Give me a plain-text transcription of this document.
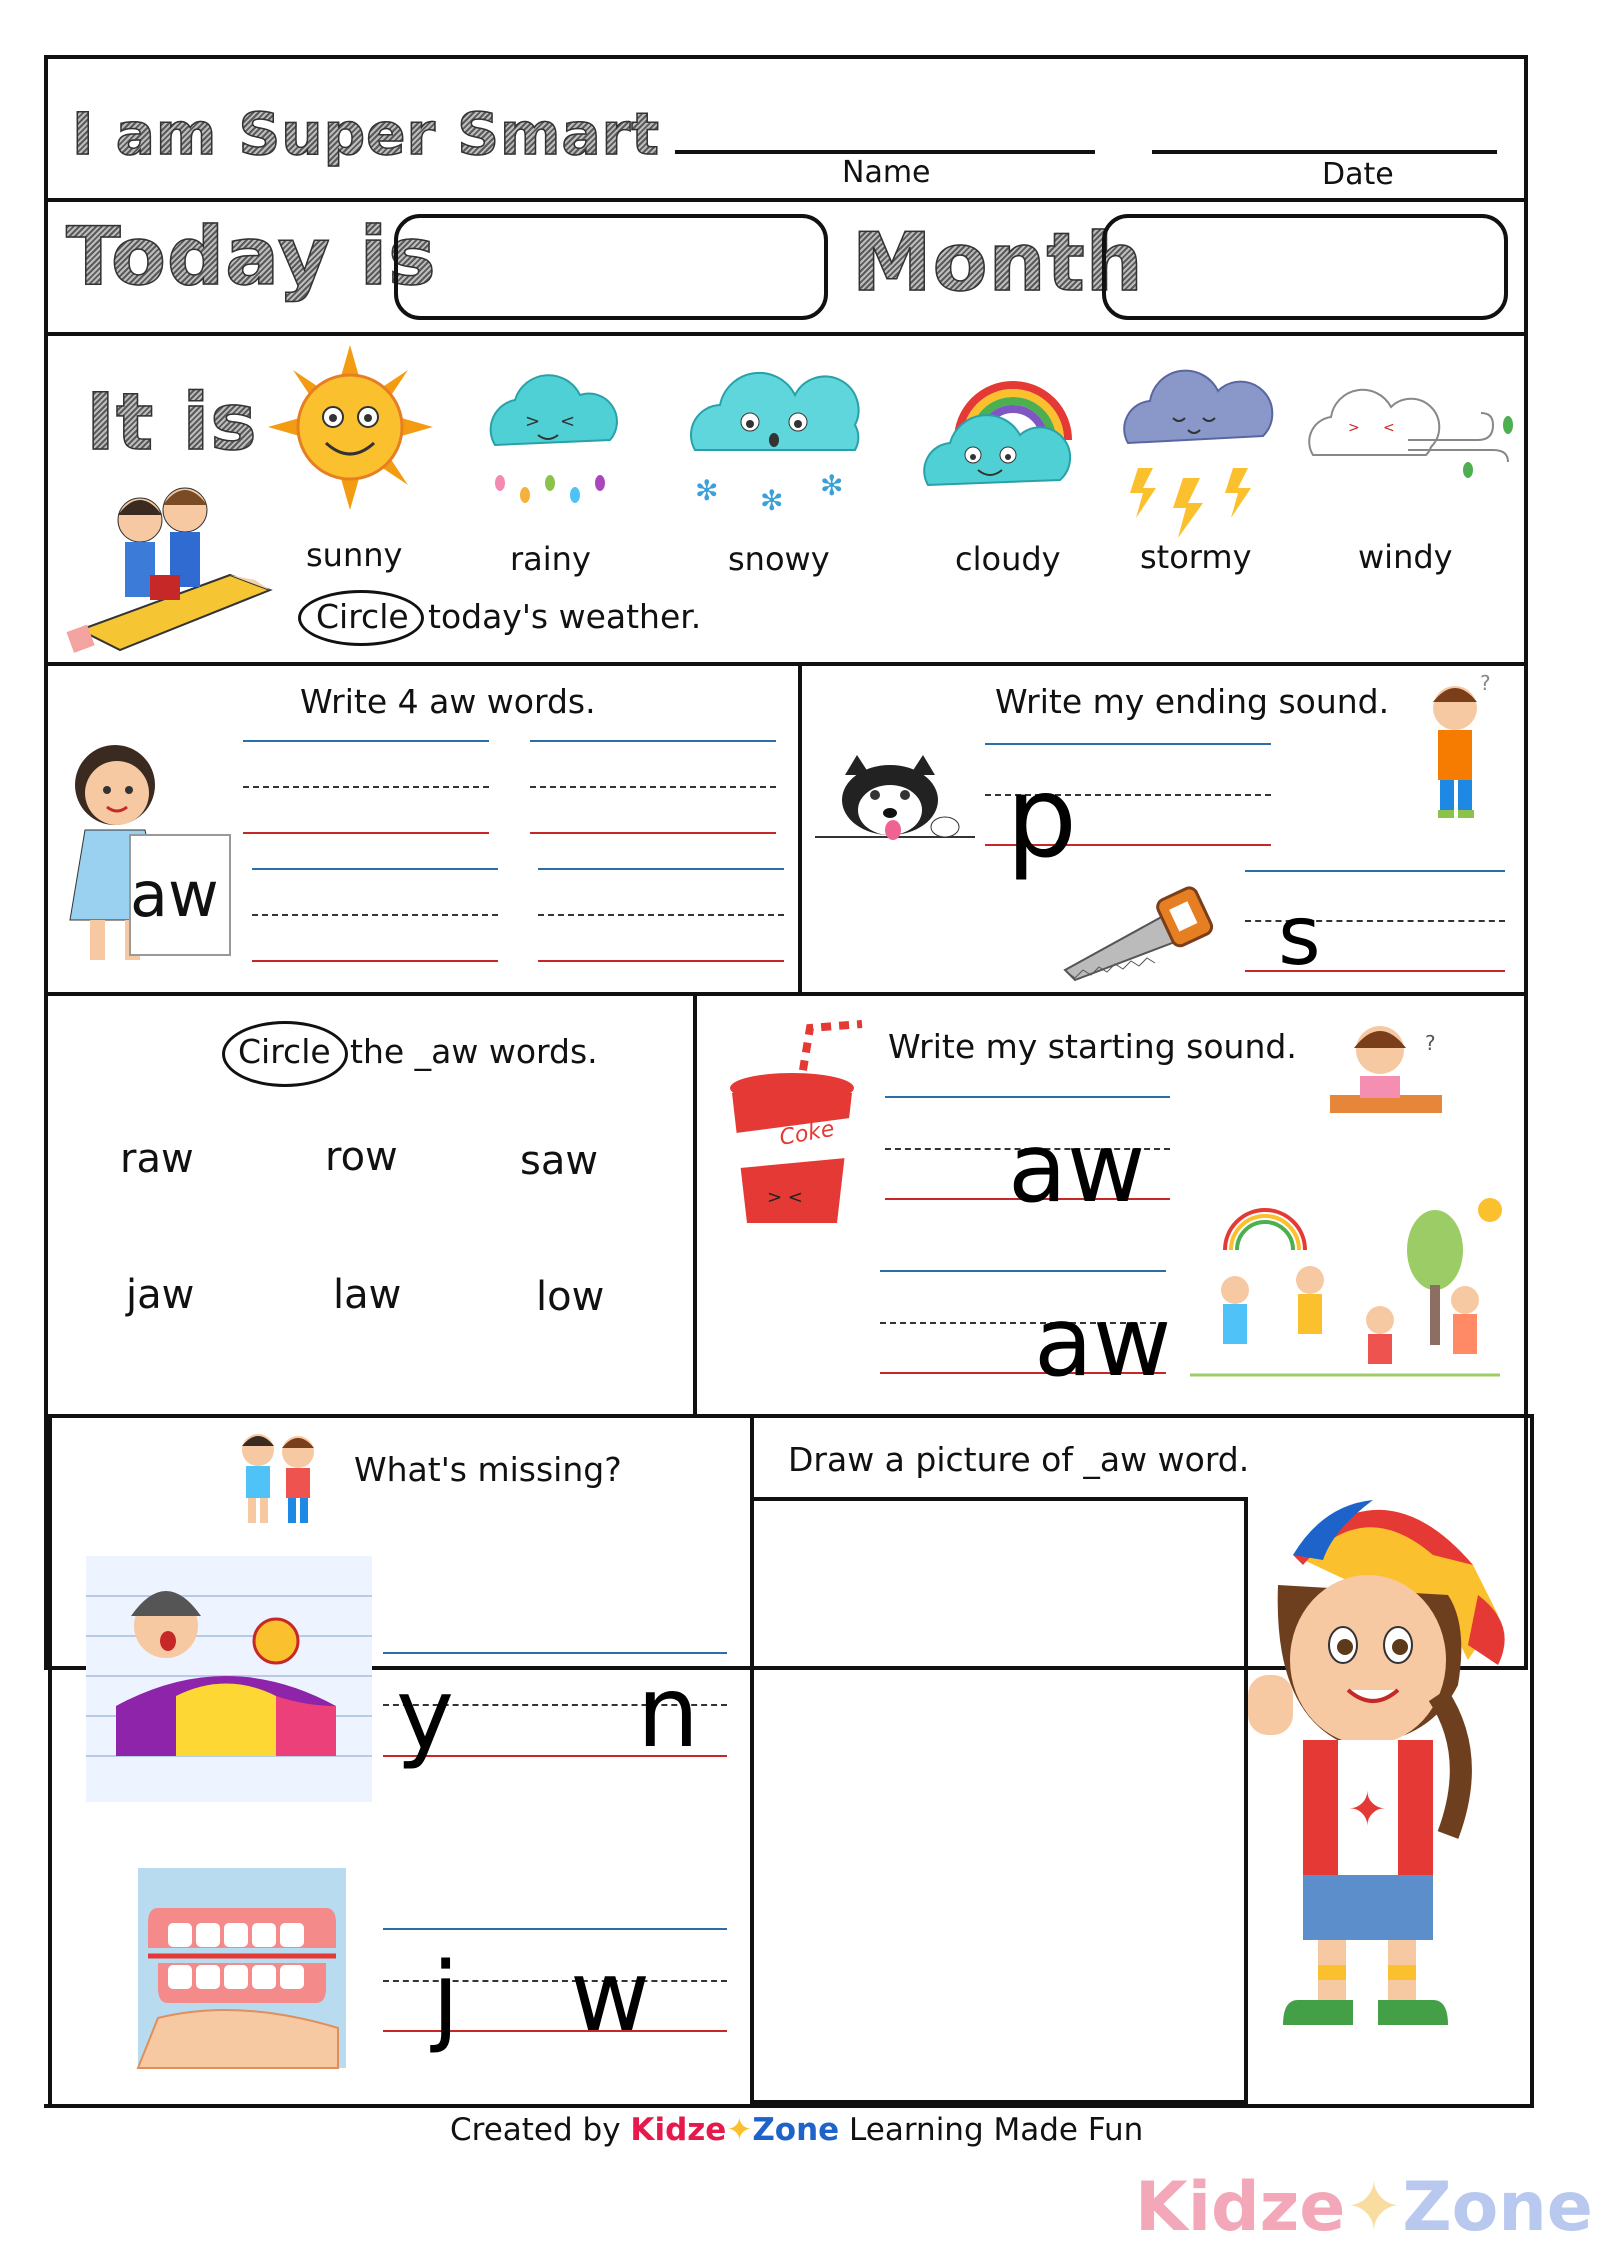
I am Super Smart
Name	Date
Today is	Month
It is	> <
✻ ✻ ✻
> <
sunny	rainy	snowy	cloudy stormy	windy
Circle today's weather.
Write 4 aw words.
aw
Write my ending sound.	?
p
s
Circle the _aw words.
raw	row	saw
jaw	law	low
Write my starting sound.	?
Coke
> < aw
aw
What's missing?
y n
j w
Draw a picture of _aw word.
✦
Created by Kidze✦Zone Learning Made Fun
Kidze✦Zone
